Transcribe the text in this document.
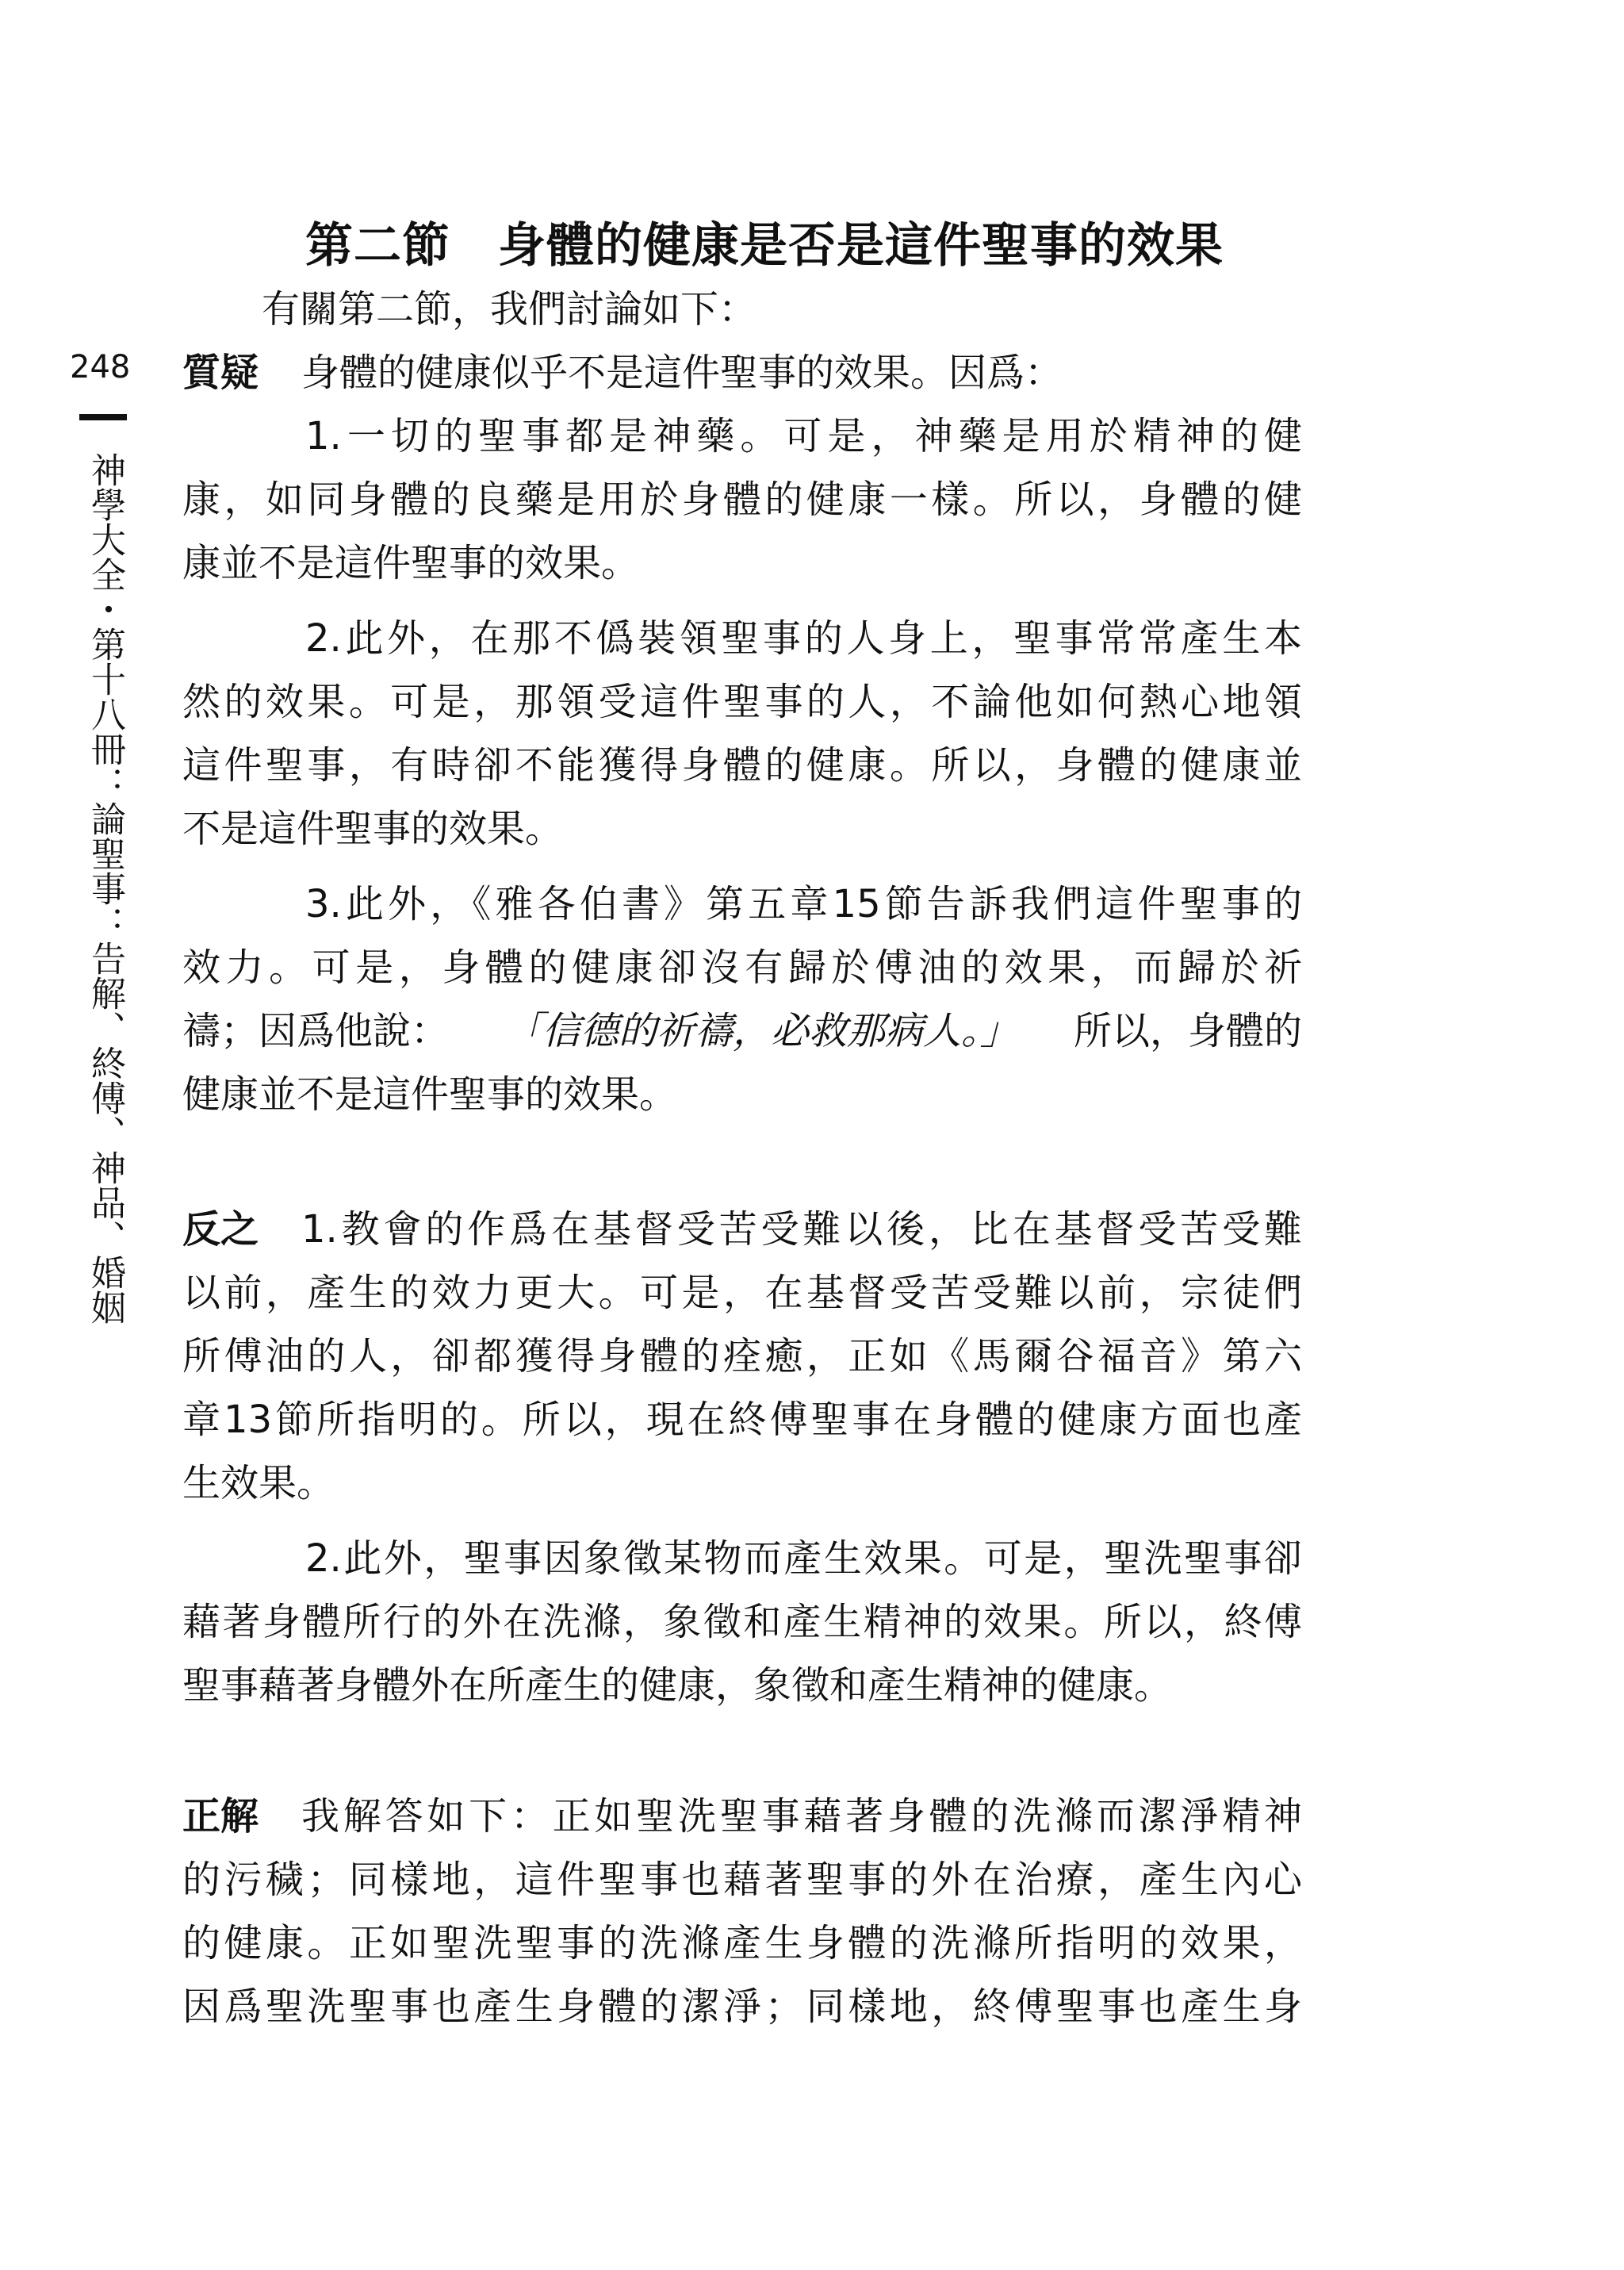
第二節 身體的健康是否是這件聖事的效果
有關第二節，我們討論如下：
248
神學大全・第十八冊：論聖事：告解、終傅、神品、婚姻
質疑 身體的健康似乎不是這件聖事的效果。因爲：
1.一切的聖事都是神藥。可是，神藥是用於精神的健
康，如同身體的良藥是用於身體的健康一樣。所以，身體的健
康並不是這件聖事的效果。
2.此外，在那不僞裝領聖事的人身上，聖事常常產生本
然的效果。可是，那領受這件聖事的人，不論他如何熱心地領
這件聖事，有時卻不能獲得身體的健康。所以，身體的健康並
不是這件聖事的效果。
3.此外，《雅各伯書》第五章15節告訴我們這件聖事的
效力。可是，身體的健康卻沒有歸於傅油的效果，而歸於祈
禱；因爲他說： 「信德的祈禱，必救那病人。」 所以，身體的
健康並不是這件聖事的效果。
反之	1.教會的作爲在基督受苦受難以後，比在基督受苦受難
以前，產生的效力更大。可是，在基督受苦受難以前，宗徒們
所傅油的人，卻都獲得身體的痊癒，正如《馬爾谷福音》第六
章13節所指明的。所以，現在終傅聖事在身體的健康方面也產
生效果。
2.此外，聖事因象徵某物而產生效果。可是，聖洗聖事卻
藉著身體所行的外在洗滌，象徵和產生精神的效果。所以，終傅
聖事藉著身體外在所產生的健康，象徵和產生精神的健康。
正解	我解答如下：正如聖洗聖事藉著身體的洗滌而潔淨精神
的污穢；同樣地，這件聖事也藉著聖事的外在治療，產生內心
的健康。正如聖洗聖事的洗滌產生身體的洗滌所指明的效果，
因爲聖洗聖事也產生身體的潔淨；同樣地，終傅聖事也產生身
